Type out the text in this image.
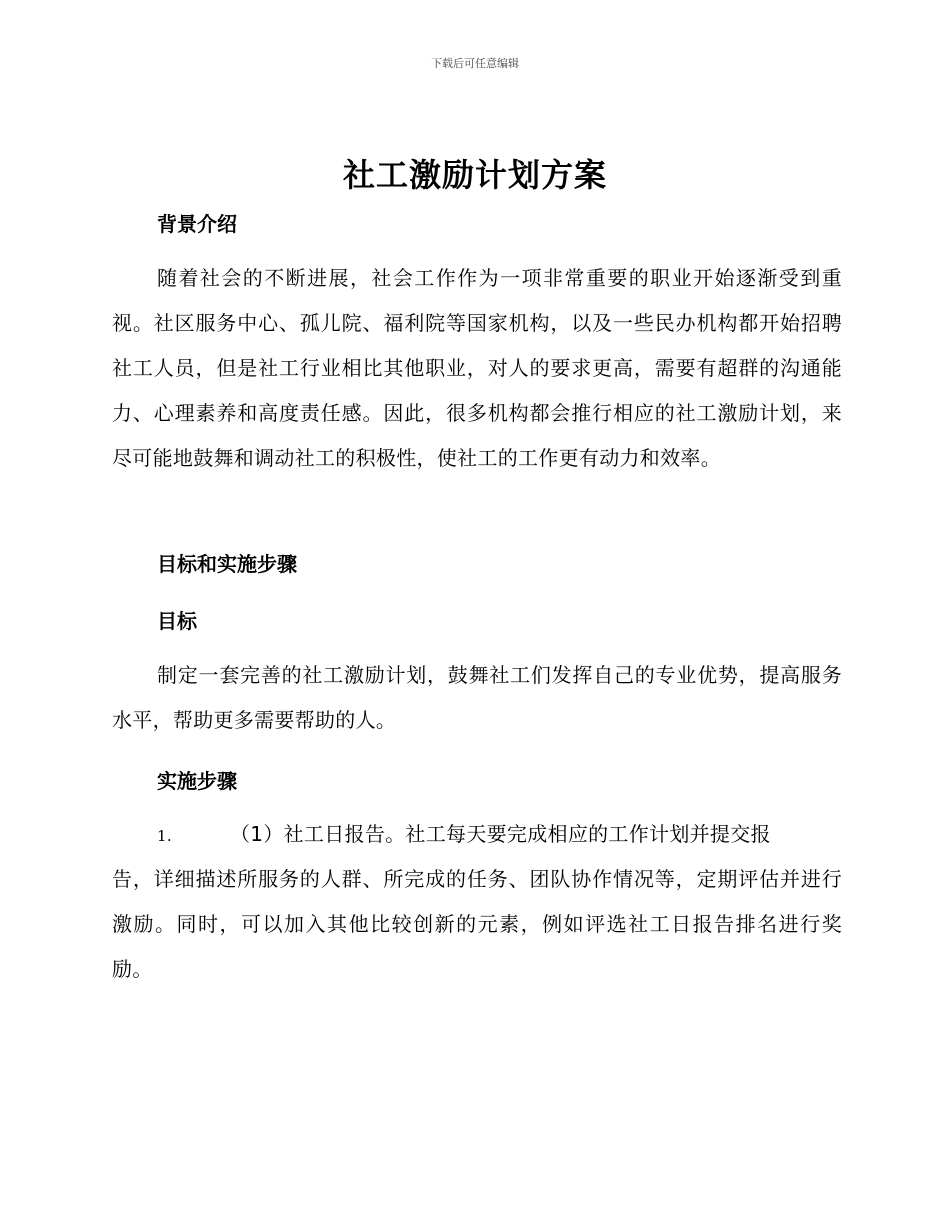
下载后可任意编辑
社工激励计划方案
背景介绍
随着社会的不断进展，社会工作作为一项非常重要的职业开始逐渐受到重视。社区服务中心、孤儿院、福利院等国家机构，以及一些民办机构都开始招聘社工人员，但是社工行业相比其他职业，对人的要求更高，需要有超群的沟通能力、心理素养和高度责任感。因此，很多机构都会推行相应的社工激励计划，来尽可能地鼓舞和调动社工的积极性，使社工的工作更有动力和效率。
目标和实施步骤
目标
制定一套完善的社工激励计划，鼓舞社工们发挥自己的专业优势，提高服务水平，帮助更多需要帮助的人。
实施步骤
1.	（1）社工日报告。社工每天要完成相应的工作计划并提交报
告，详细描述所服务的人群、所完成的任务、团队协作情况等，定期评估并进行激励。同时，可以加入其他比较创新的元素，例如评选社工日报告排名进行奖励。
